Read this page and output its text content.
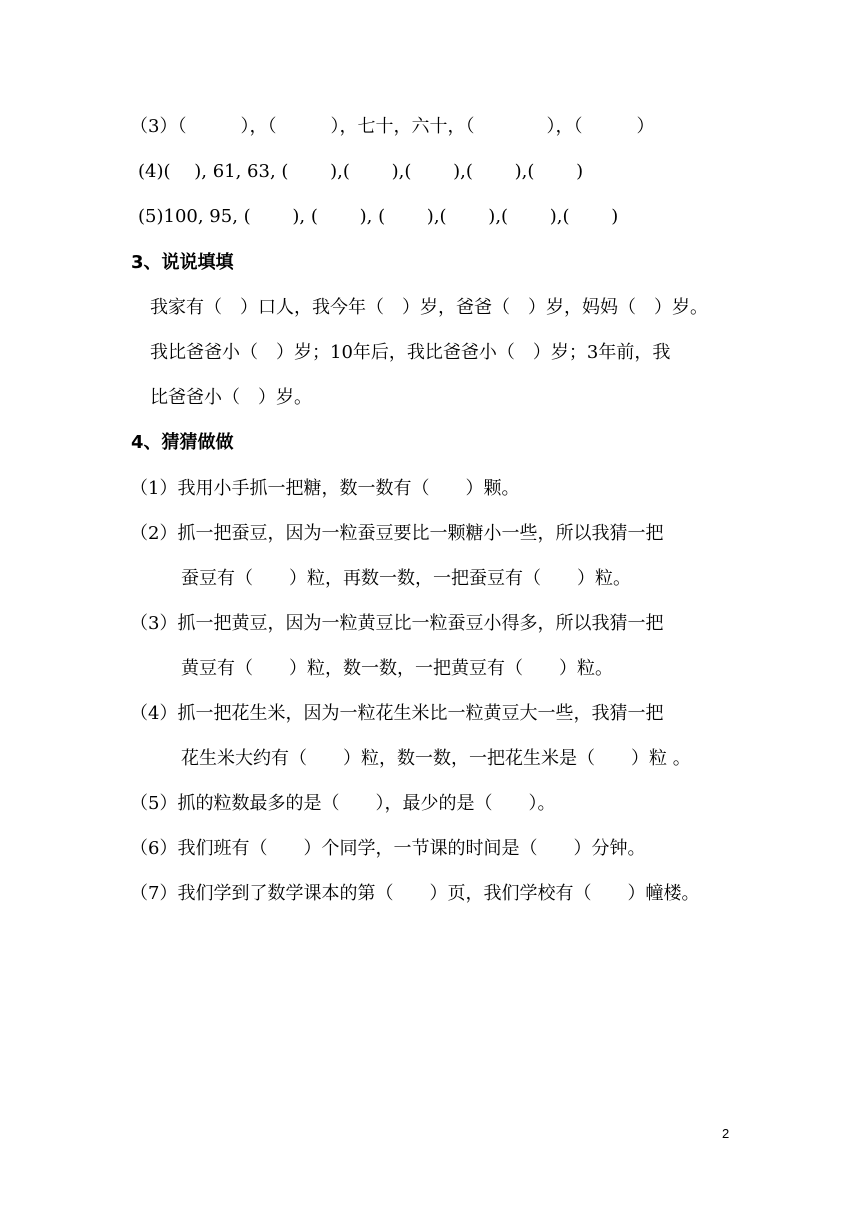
（3）（　　　），（　　　），七十，六十，（　　　　），（　　　）
(4)(　 ), 61, 63, (　　 ),(　　 ),(　　 ),(　　 ),(　　 )
(5)100, 95, (　　 ), (　　 ), (　　 ),(　　 ),(　　 ),(　　 )
3、说说填填
我家有（　）口人，我今年（　）岁，爸爸（　）岁，妈妈（　）岁。
我比爸爸小（　）岁；10年后，我比爸爸小（　）岁；3年前，我
比爸爸小（　）岁。
4、猜猜做做
（1）我用小手抓一把糖，数一数有（　　）颗。
（2）抓一把蚕豆，因为一粒蚕豆要比一颗糖小一些，所以我猜一把
蚕豆有（　　）粒，再数一数，一把蚕豆有（　　）粒。
（3）抓一把黄豆，因为一粒黄豆比一粒蚕豆小得多，所以我猜一把
黄豆有（　　）粒，数一数，一把黄豆有（　　）粒。
（4）抓一把花生米，因为一粒花生米比一粒黄豆大一些，我猜一把
花生米大约有（　　）粒，数一数，一把花生米是（　　）粒 。
（5）抓的粒数最多的是（　　），最少的是（　　）。
（6）我们班有（　　）个同学，一节课的时间是（　　）分钟。
（7）我们学到了数学课本的第（　　）页，我们学校有（　　）幢楼。
2
